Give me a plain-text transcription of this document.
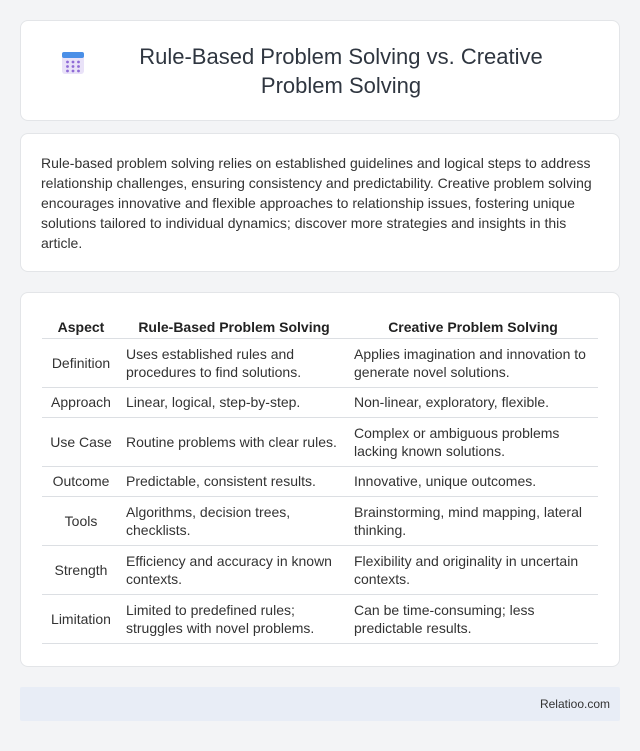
Rule-Based Problem Solving vs. Creative Problem Solving

Rule-based problem solving relies on established guidelines and logical steps to address relationship challenges, ensuring consistency and predictability. Creative problem solving encourages innovative and flexible approaches to relationship issues, fostering unique solutions tailored to individual dynamics; discover more strategies and insights in this article.

Aspect	Rule-Based Problem Solving	Creative Problem Solving
Definition	Uses established rules and procedures to find solutions.	Applies imagination and innovation to generate novel solutions.
Approach	Linear, logical, step-by-step.	Non-linear, exploratory, flexible.
Use Case	Routine problems with clear rules.	Complex or ambiguous problems lacking known solutions.
Outcome	Predictable, consistent results.	Innovative, unique outcomes.
Tools	Algorithms, decision trees, checklists.	Brainstorming, mind mapping, lateral thinking.
Strength	Efficiency and accuracy in known contexts.	Flexibility and originality in uncertain contexts.
Limitation	Limited to predefined rules; struggles with novel problems.	Can be time-consuming; less predictable results.
Relatioo.com
